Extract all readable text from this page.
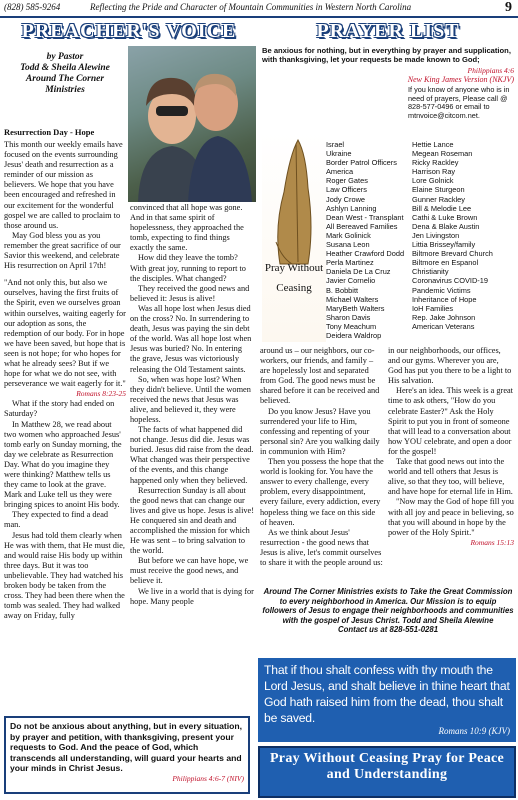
(828) 585-9264	Reflecting the Pride and Character of Mountain Communities in Western North Carolina	9
PREACHER'S VOICE
by Pastor
Todd & Sheila Alewine
Around The Corner
Ministries
Resurrection Day - Hope

This month our weekly emails have focused on the events surrounding Jesus' death and resurrection as a reminder of our mission as believers. We hope that you have been encouraged and refreshed in our excitement for the wonderful gospel we are called to proclaim to those around us.

May God bless you as you remember the great sacrifice of our Savior this weekend, and celebrate His resurrection on April 17th!

"And not only this, but also we ourselves, having the first fruits of the Spirit, even we ourselves groan within ourselves, waiting eagerly for our adoption as sons, the redemption of our body. For in hope we have been saved, but hope that is seen is not hope; for who hopes for what he already sees? But if we hope for what we do not see, with perseverance we wait eagerly for it."

Romans 8:23-25

What if the story had ended on Saturday?

In Matthew 28, we read about two women who approached Jesus' tomb early on Sunday morning, the day we celebrate as Resurrection Day. What do you imagine they were thinking? Matthew tells us they came to look at the grave. Mark and Luke tell us they were bringing spices to anoint His body.

They expected to find a dead man.

Jesus had told them clearly when He was with them, that He must die, and would raise His body up within three days. But it was too unbelievable. They had watched his broken body be taken from the cross. They had been there when the tomb was sealed. They had walked away on Friday, fully

convinced that all hope was gone. And in that same spirit of hopelessness, they approached the tomb, expecting to find things exactly the same.

How did they leave the tomb? With great joy, running to report to the disciples. What changed?

They received the good news and believed it: Jesus is alive!

Was all hope lost when Jesus died on the cross? No. In surrendering to death, Jesus was paying the sin debt of the world. Was all hope lost when Jesus was buried? No. In entering the grave, Jesus was victoriously releasing the Old Testament saints.

So, when was hope lost? When they didn't believe. Until the women received the news that Jesus was alive, and believed it, they were hopeless.

The facts of what happened did not change. Jesus did die. Jesus was buried. Jesus did raise from the dead. What changed was their perspective of the events, and this change happened only when they believed.

Resurrection Sunday is all about the good news that can change our lives and give us hope. Jesus is alive! He conquered sin and death and accomplished the mission for which He was sent – to bring salvation to the world.

But before we can have hope, we must receive the good news, and believe it.

We live in a world that is dying for hope. Many people

Do not be anxious about anything, but in every situation, by prayer and petition, with thanksgiving, present your requests to God. And the peace of God, which transcends all understanding, will guard your hearts and your minds in Christ Jesus.
Philippians 4:6-7 (NIV)
PRAYER LIST
Be anxious for nothing, but in everything by prayer and supplication, with thanksgiving, let your requests be made known to God;
Philippians 4:6
New King James Version (NKJV)
If you know of anyone who is in need of prayers, Please call @ 828-577-0496 or email to mtnvoice@citcom.net.
Pray Without Ceasing
Israel
Ukraine
Border Patrol Officers
America
Roger Gates
Law Officers
Jody Crowe
Ashlyn Lanning
Dean West - Transplant
All Bereaved Families
Mark Golinick
Susana Leon
Heather Crawford Dodd
Perla Martinez
Daniela De La Cruz
Javier Cornelio
B. Bobbitt
Michael Walters
MaryBeth Walters
Sharon Davis
Tony Meachum
Deidera Waldrop
Hettie Lance
Megean Roseman
Ricky Rackley
Harrison Ray
Lore Golnick
Elaine Sturgeon
Gunner Rackley
Bill & Melodie Lee
Cathi & Luke Brown
Dena & Blake Austin
Jen Livingston
Littia Brissey/family
Biltmore Brevard Church
Biltmore en Espanol
Christianity
Coronavirus COVID-19
Pandemic Victims
Inheritance of Hope
IoH Families
Rep. Jake Johnson
American Veterans

around us – our neighbors, our co-workers, our friends, and family – are hopelessly lost and separated from God. The good news must be shared before it can be received and believed.

Do you know Jesus? Have you surrendered your life to Him, confessing and repenting of your personal sin? Are you walking daily in communion with Him?

Then you possess the hope that the world is looking for. You have the answer to every challenge, every problem, every disappointment, every failure, every addiction, every hopeless thing we face on this side of heaven.

As we think about Jesus' resurrection - the good news that Jesus is alive, let's commit ourselves to share it with the people around us:

in our neighborhoods, our offices, and our gyms. Wherever you are, God has put you there to be a light to His salvation.

Here's an idea. This week is a great time to ask others, "How do you celebrate Easter?" Ask the Holy Spirit to put you in front of someone that will lead to a conversation about how YOU celebrate, and open a door for the gospel!

Take that good news out into the world and tell others that Jesus is alive, so that they too, will believe, and have hope for eternal life in Him.

"Now may the God of hope fill you with all joy and peace in believing, so that you will abound in hope by the power of the Holy Spirit."

Romans 15:13
Around The Corner Ministries exists to Take the Great Commission to every neighborhood in America. Our Mission is to equip followers of Jesus to engage their neighborhoods and communities with the gospel of Jesus Christ. Todd and Sheila Alewine
Contact us at 828-551-0281
That if thou shalt confess with thy mouth the Lord Jesus, and shalt believe in thine heart that God hath raised him from the dead, thou shalt be saved.
Romans 10:9 (KJV)
Pray Without Ceasing Pray for Peace and Understanding
